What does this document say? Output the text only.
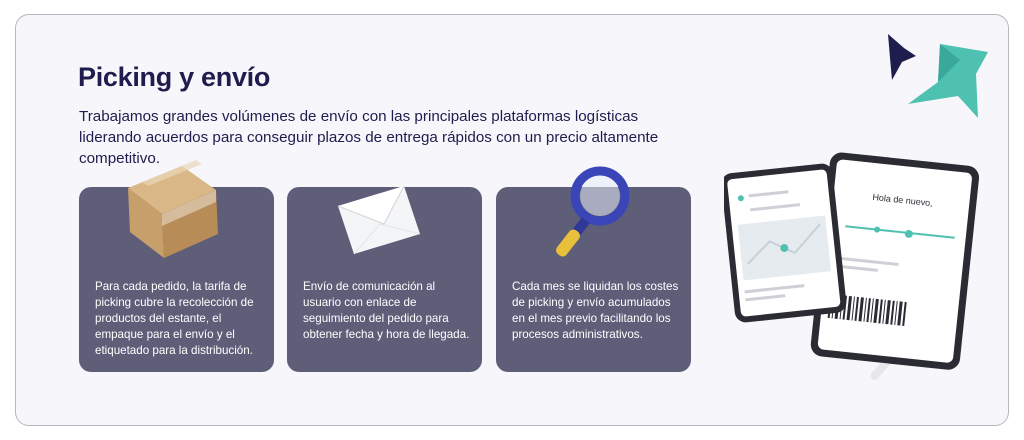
Picking y envío

Trabajamos grandes volúmenes de envío con las principales plataformas logísticas liderando acuerdos para conseguir plazos de entrega rápidos con un precio altamente competitivo.

Para cada pedido, la tarifa de picking cubre la recolección de productos del estante, el empaque para el envío y el etiquetado para la distribución.

Envío de comunicación al usuario con enlace de seguimiento del pedido para obtener fecha y hora de llegada.

Cada mes se liquidan los costes de picking y envío acumulados en el mes previo facilitando los procesos administrativos.

Hola de nuevo,
